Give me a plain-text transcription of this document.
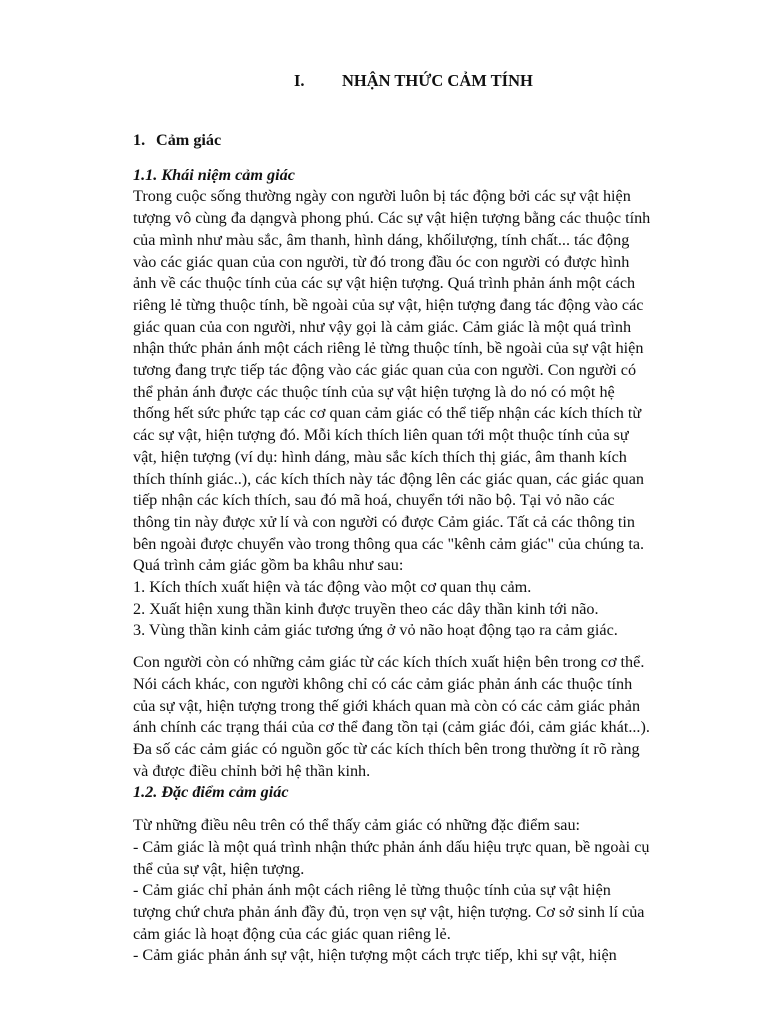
I. NHẬN THỨC CẢM TÍNH

1. Cảm giác

1.1. Khái niệm cảm giác

Trong cuộc sống thường ngày con người luôn bị tác động bởi các sự vật hiện
tượng vô cùng đa dạngvà phong phú. Các sự vật hiện tượng bằng các thuộc tính
của mình như màu sắc, âm thanh, hình dáng, khốilượng, tính chất... tác động
vào các giác quan của con người, từ đó trong đầu óc con người có được hình
ảnh về các thuộc tính của các sự vật hiện tượng. Quá trình phản ánh một cách
riêng lẻ từng thuộc tính, bề ngoài của sự vật, hiện tượng đang tác động vào các
giác quan của con người, như vậy gọi là cảm giác. Cảm giác là một quá trình
nhận thức phản ánh một cách riêng lẻ từng thuộc tính, bề ngoài của sự vật hiện
tương đang trực tiếp tác động vào các giác quan của con người. Con người có
thể phản ánh được các thuộc tính của sự vật hiện tượng là do nó có một hệ
thống hết sức phức tạp các cơ quan cảm giác có thể tiếp nhận các kích thích từ
các sự vật, hiện tượng đó. Mỗi kích thích liên quan tới một thuộc tính của sự
vật, hiện tượng (ví dụ: hình dáng, màu sắc kích thích thị giác, âm thanh kích
thích thính giác..), các kích thích này tác động lên các giác quan, các giác quan
tiếp nhận các kích thích, sau đó mã hoá, chuyển tới não bộ. Tại vỏ não các
thông tin này được xử lí và con người có được Cảm giác. Tất cả các thông tin
bên ngoài được chuyển vào trong thông qua các "kênh cảm giác" của chúng ta.
Quá trình cảm giác gồm ba khâu như sau:
1. Kích thích xuất hiện và tác động vào một cơ quan thụ cảm.
2. Xuất hiện xung thần kinh được truyền theo các dây thần kinh tới não.
3. Vùng thần kinh cảm giác tương ứng ở vỏ não hoạt động tạo ra cảm giác.

Con người còn có những cảm giác từ các kích thích xuất hiện bên trong cơ thể.
Nói cách khác, con người không chỉ có các cảm giác phản ánh các thuộc tính
của sự vật, hiện tượng trong thế giới khách quan mà còn có các cảm giác phản
ánh chính các trạng thái của cơ thể đang tồn tại (cảm giác đói, cảm giác khát...).
Đa số các cảm giác có nguồn gốc từ các kích thích bên trong thường ít rõ ràng
và được điều chỉnh bởi hệ thần kinh.

1.2. Đặc điểm cảm giác

Từ những điều nêu trên có thể thấy cảm giác có những đặc điểm sau:
- Cảm giác là một quá trình nhận thức phản ánh dấu hiệu trực quan, bề ngoài cụ
thể của sự vật, hiện tượng.
- Cảm giác chỉ phản ánh một cách riêng lẻ từng thuộc tính của sự vật hiện
tượng chứ chưa phản ánh đầy đủ, trọn vẹn sự vật, hiện tượng. Cơ sở sinh lí của
cảm giác là hoạt động của các giác quan riêng lẻ.
- Cảm giác phản ánh sự vật, hiện tượng một cách trực tiếp, khi sự vật, hiện
